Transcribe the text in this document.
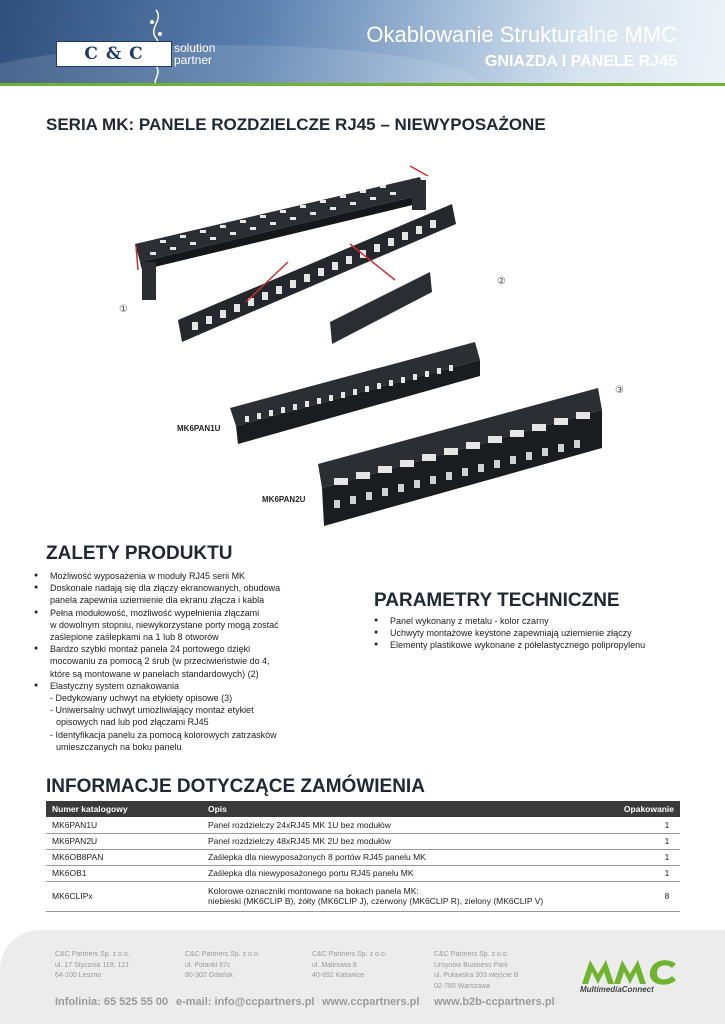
C & C	solution
partner
Okablowanie Strukturalne MMC
GNIAZDA I PANELE RJ45
SERIA MK: PANELE ROZDZIELCZE RJ45 – NIEWYPOSAŻONE
①
②
③
MK6PAN1U
MK6PAN2U
ZALETY PRODUKTU
● Możliwość wyposażenia w moduły RJ45 serii MK
● Doskonale nadają się dla złączy ekranowanych, obudowa
panela zapewnia uziemienie dla ekranu złącza i kabla
● Pełna modułowość, możliwość wypełnienia złączami
w dowolnym stopniu, niewykorzystane porty mogą zostać
zaślepione zaślepkami na 1 lub 8 otworów
● Bardzo szybki montaż panela 24 portowego dzięki
mocowaniu za pomocą 2 śrub (w przeciwieństwie do 4,
które są montowane w panelach standardowych) (2)
● Elastyczny system oznakowania
- Dedykowany uchwyt na etykiety opisowe (3)
- Uniwersalny uchwyt umożliwiający montaż etykiet
opisowych nad lub pod złączami RJ45
- Identyfikacja panelu za pomocą kolorowych zatrzasków
umieszczanych na boku panelu
PARAMETRY TECHNICZNE
● Panel wykonany z metalu - kolor czarny
● Uchwyty montażowe keystone zapewniają uziemienie złączy
● Elementy plastikowe wykonane z półelastycznego polipropylenu
INFORMACJE DOTYCZĄCE ZAMÓWIENIA
Numer katalogowy	Opis	Opakowanie
MK6PAN1U	Panel rozdzielczy 24xRJ45 MK 1U bez modułów	1
MK6PAN2U	Panel rozdzielczy 48xRJ45 MK 2U bez modułów	1
MK6OB8PAN	Zaślepka dla niewyposażonych 8 portów RJ45 panelu MK	1
MK6OB1	Zaślepka dla niewyposażonego portu RJ45 panelu MK	1
MK6CLIPx	Kolorowe oznaczniki montowane na bokach panela MK:
niebieski (MK6CLIP B), żółty (MK6CLIP J), czerwony (MK6CLIP R), zielony (MK6CLIP V)	8
C&C Partners Sp. z o.o.
ul. 17 Stycznia 119, 121
64-100 Leszno
C&C Partners Sp. z o.o.
ul. Polanki 67c
80-302 Gdańsk
C&C Partners Sp. z o.o.
ul. Malinowa 8
40-692 Katowice
C&C Partners Sp. z o.o.
Ursynów Business Park
ul. Puławska 303 wejście B
02-785 Warszawa	MMC
MultimediaConnect
Infolinia: 65 525 55 00 e-mail: info@ccpartners.pl www.ccpartners.pl www.b2b-ccpartners.pl
